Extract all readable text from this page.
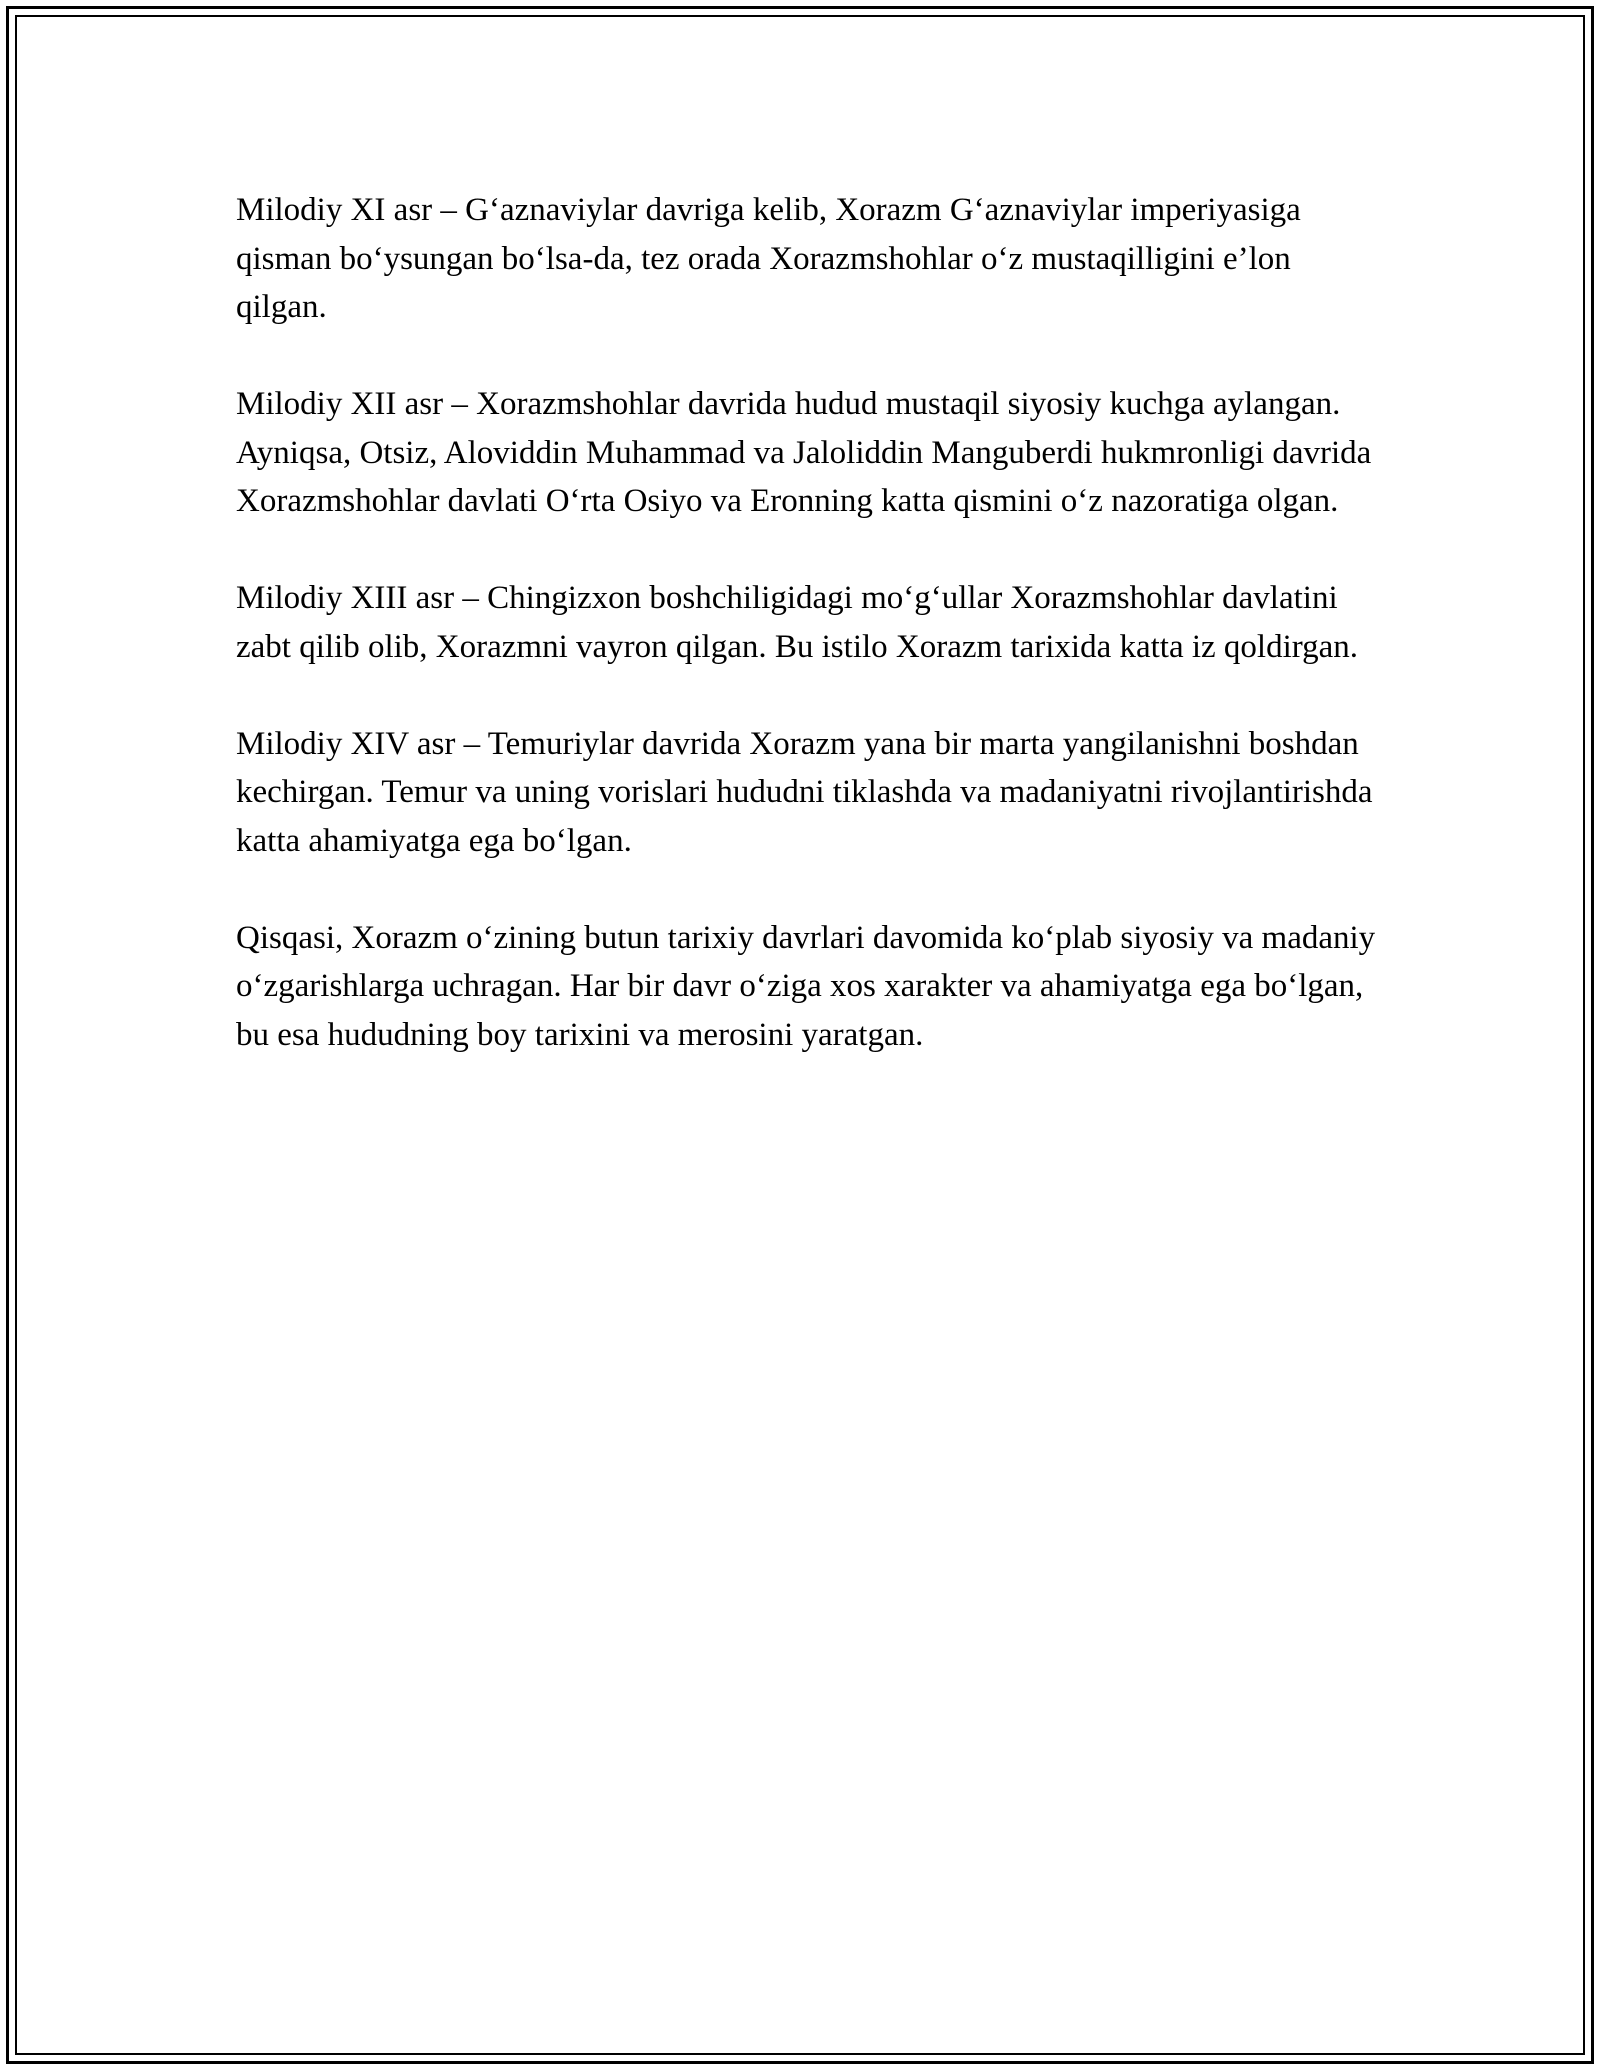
Milodiy XI asr – G‘aznaviylar davriga kelib, Xorazm G‘aznaviylar imperiyasiga qisman bo‘ysungan bo‘lsa-da, tez orada Xorazmshohlar o‘z mustaqilligini e’lon qilgan.

Milodiy XII asr – Xorazmshohlar davrida hudud mustaqil siyosiy kuchga aylangan. Ayniqsa, Otsiz, Aloviddin Muhammad va Jaloliddin Manguberdi hukmronligi davrida Xorazmshohlar davlati O‘rta Osiyo va Eronning katta qismini o‘z nazoratiga olgan.

Milodiy XIII asr – Chingizxon boshchiligidagi mo‘g‘ullar Xorazmshohlar davlatini zabt qilib olib, Xorazmni vayron qilgan. Bu istilo Xorazm tarixida katta iz qoldirgan.

Milodiy XIV asr – Temuriylar davrida Xorazm yana bir marta yangilanishni boshdan kechirgan. Temur va uning vorislari hududni tiklashda va madaniyatni rivojlantirishda katta ahamiyatga ega bo‘lgan.

Qisqasi, Xorazm o‘zining butun tarixiy davrlari davomida ko‘plab siyosiy va madaniy o‘zgarishlarga uchragan. Har bir davr o‘ziga xos xarakter va ahamiyatga ega bo‘lgan, bu esa hududning boy tarixini va merosini yaratgan.
